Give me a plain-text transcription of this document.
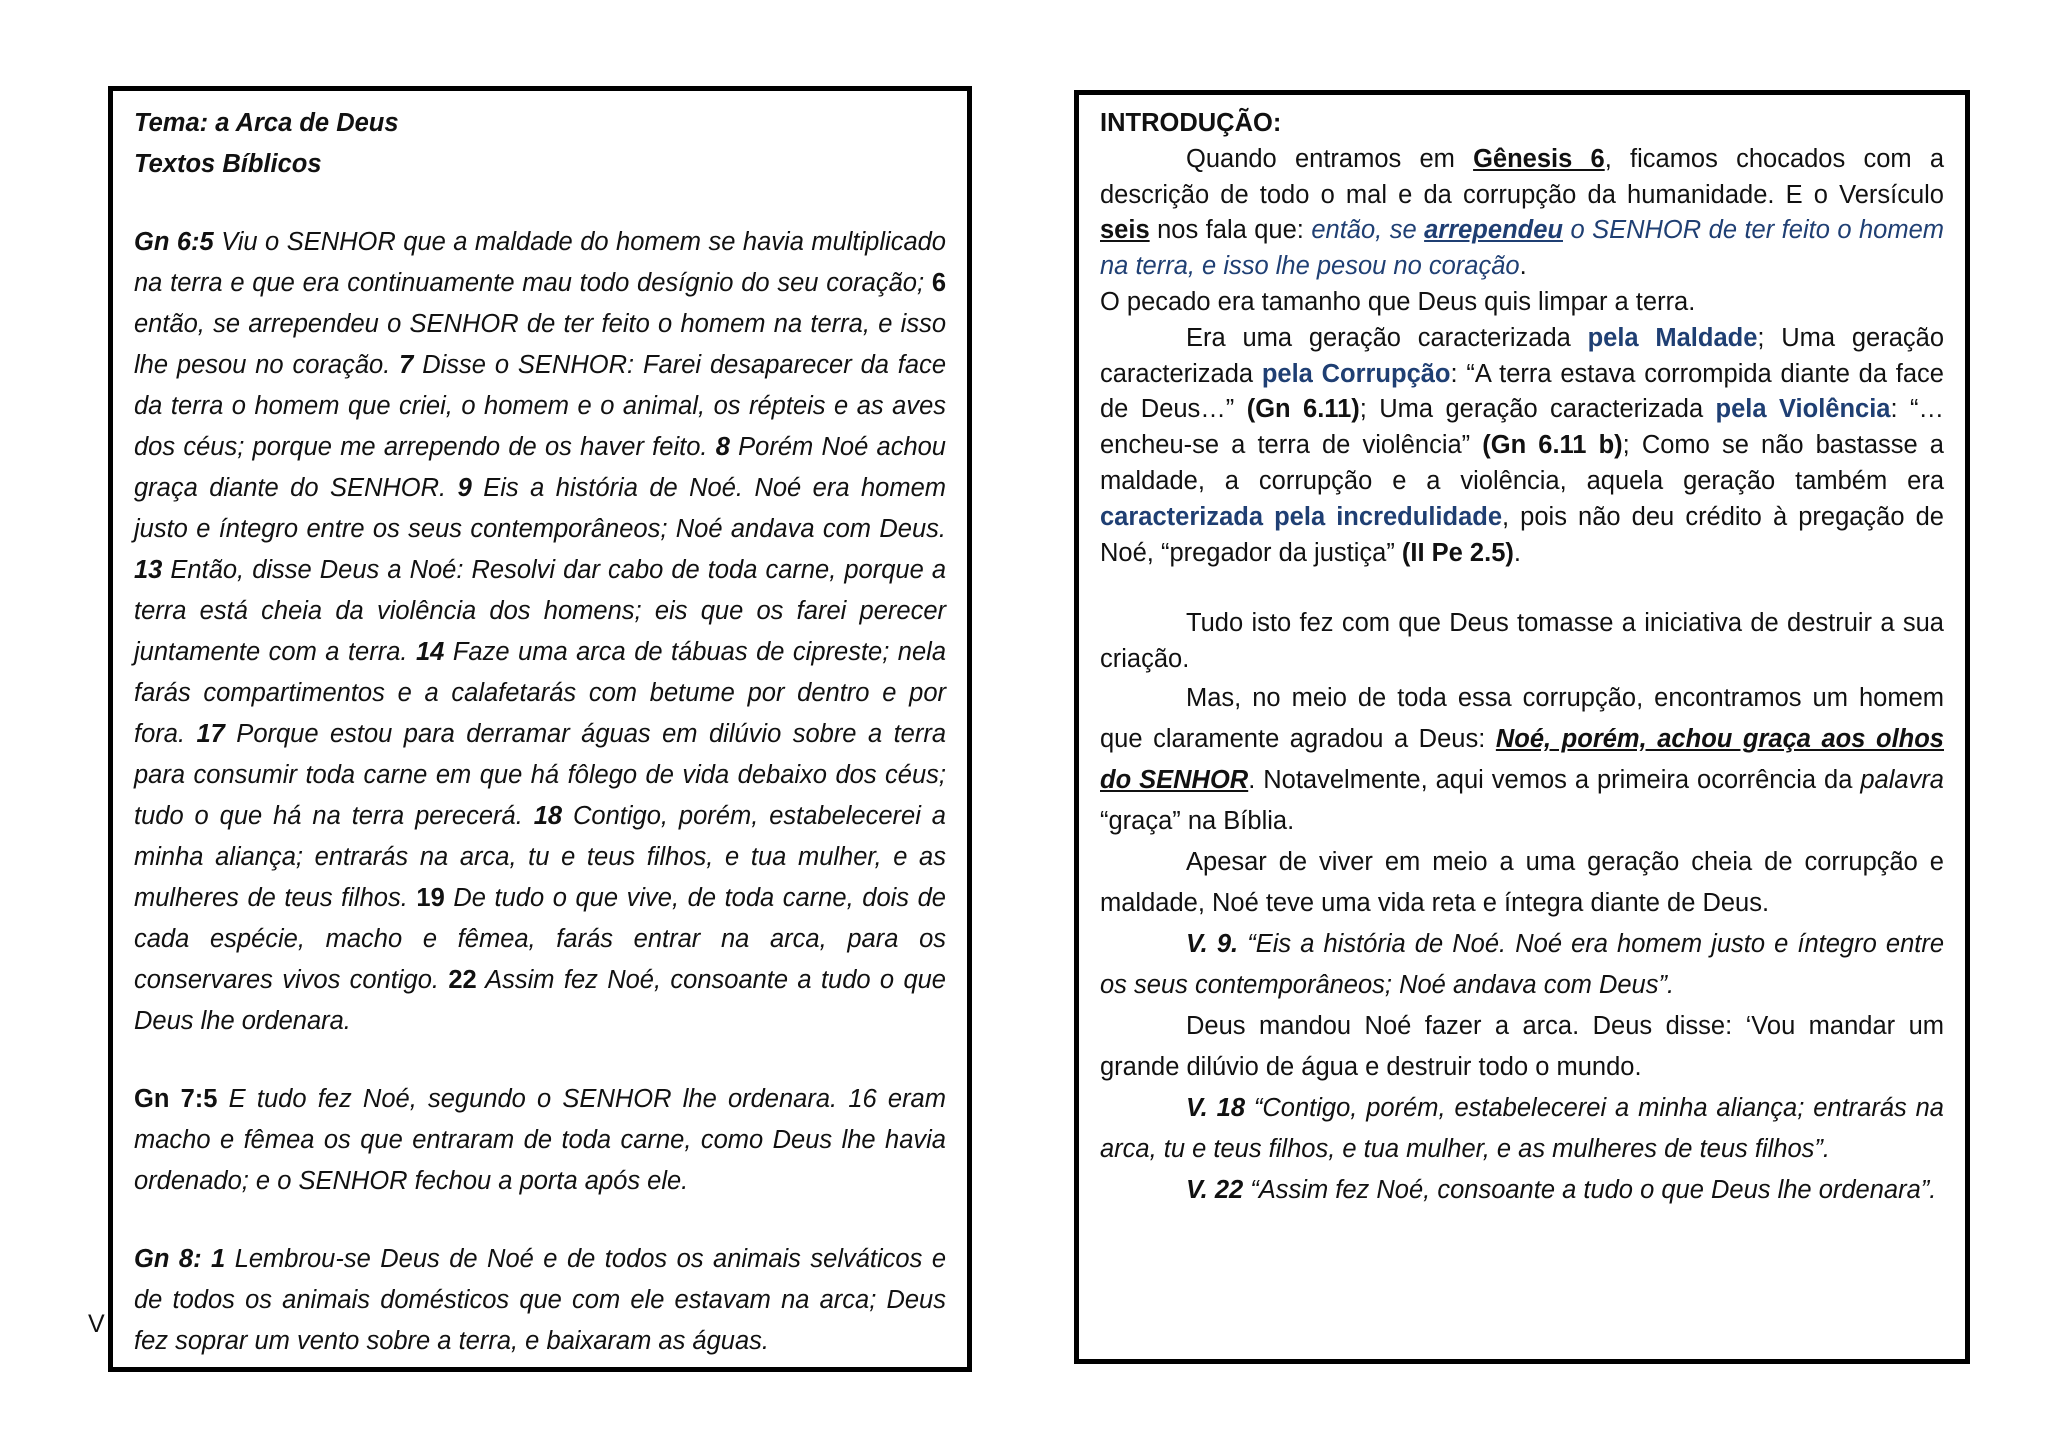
V
Tema: a Arca de Deus
Textos Bíblicos
Gn 6:5 Viu o SENHOR que a maldade do homem se havia multiplicado na terra e que era continuamente mau todo desígnio do seu coração; 6 então, se arrependeu o SENHOR de ter feito o homem na terra, e isso lhe pesou no coração. 7 Disse o SENHOR: Farei desaparecer da face da terra o homem que criei, o homem e o animal, os répteis e as aves dos céus; porque me arrependo de os haver feito. 8 Porém Noé achou graça diante do SENHOR. 9 Eis a história de Noé. Noé era homem justo e íntegro entre os seus contemporâneos; Noé andava com Deus. 13 Então, disse Deus a Noé: Resolvi dar cabo de toda carne, porque a terra está cheia da violência dos homens; eis que os farei perecer juntamente com a terra. 14 Faze uma arca de tábuas de cipreste; nela farás compartimentos e a calafetarás com betume por dentro e por fora. 17 Porque estou para derramar águas em dilúvio sobre a terra para consumir toda carne em que há fôlego de vida debaixo dos céus; tudo o que há na terra perecerá. 18 Contigo, porém, estabelecerei a minha aliança; entrarás na arca, tu e teus filhos, e tua mulher, e as mulheres de teus filhos. 19 De tudo o que vive, de toda carne, dois de cada espécie, macho e fêmea, farás entrar na arca, para os conservares vivos contigo. 22 Assim fez Noé, consoante a tudo o que Deus lhe ordenara.
Gn 7:5 E tudo fez Noé, segundo o SENHOR lhe ordenara. 16 eram macho e fêmea os que entraram de toda carne, como Deus lhe havia ordenado; e o SENHOR fechou a porta após ele.
Gn 8: 1 Lembrou-se Deus de Noé e de todos os animais selváticos e de todos os animais domésticos que com ele estavam na arca; Deus fez soprar um vento sobre a terra, e baixaram as águas.
INTRODUÇÃO:
Quando entramos em Gênesis 6, ficamos chocados com a descrição de todo o mal e da corrupção da humanidade. E o Versículo seis nos fala que: então, se arrependeu o SENHOR de ter feito o homem na terra, e isso lhe pesou no coração.
O pecado era tamanho que Deus quis limpar a terra.
Era uma geração caracterizada pela Maldade; Uma geração caracterizada pela Corrupção: “A terra estava corrompida diante da face de Deus…” (Gn 6.11); Uma geração caracterizada pela Violência: “… encheu-se a terra de violência” (Gn 6.11 b); Como se não bastasse a maldade, a corrupção e a violência, aquela geração também era caracterizada pela incredulidade, pois não deu crédito à pregação de Noé, “pregador da justiça” (II Pe 2.5).
Tudo isto fez com que Deus tomasse a iniciativa de destruir a sua criação.
Mas, no meio de toda essa corrupção, encontramos um homem que claramente agradou a Deus: Noé, porém, achou graça aos olhos do SENHOR. Notavelmente, aqui vemos a primeira ocorrência da palavra “graça” na Bíblia.
Apesar de viver em meio a uma geração cheia de corrupção e maldade, Noé teve uma vida reta e íntegra diante de Deus.
V. 9. “Eis a história de Noé. Noé era homem justo e íntegro entre os seus contemporâneos; Noé andava com Deus”.
Deus mandou Noé fazer a arca. Deus disse: ‘Vou mandar um grande dilúvio de água e destruir todo o mundo.
V. 18 “Contigo, porém, estabelecerei a minha aliança; entrarás na arca, tu e teus filhos, e tua mulher, e as mulheres de teus filhos”.
V. 22 “Assim fez Noé, consoante a tudo o que Deus lhe ordenara”.
